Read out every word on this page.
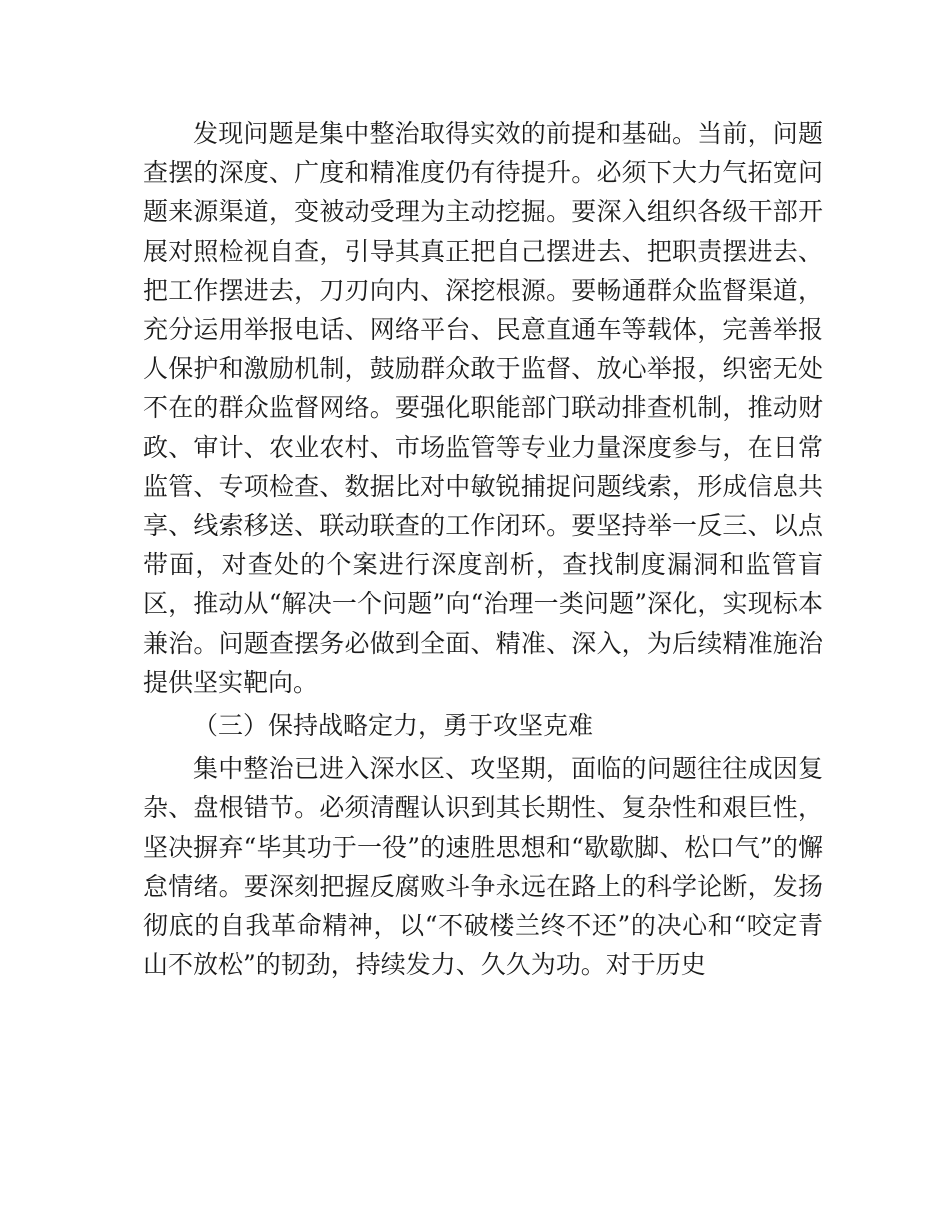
发现问题是集中整治取得实效的前提和基础。当前，问题查摆的深度、广度和精准度仍有待提升。必须下大力气拓宽问题来源渠道，变被动受理为主动挖掘。要深入组织各级干部开展对照检视自查，引导其真正把自己摆进去、把职责摆进去、把工作摆进去，刀刃向内、深挖根源。要畅通群众监督渠道，充分运用举报电话、网络平台、民意直通车等载体，完善举报人保护和激励机制，鼓励群众敢于监督、放心举报，织密无处不在的群众监督网络。要强化职能部门联动排查机制，推动财政、审计、农业农村、市场监管等专业力量深度参与，在日常监管、专项检查、数据比对中敏锐捕捉问题线索，形成信息共享、线索移送、联动联查的工作闭环。要坚持举一反三、以点带面，对查处的个案进行深度剖析，查找制度漏洞和监管盲区，推动从“解决一个问题”向“治理一类问题”深化，实现标本兼治。问题查摆务必做到全面、精准、深入，为后续精准施治提供坚实靶向。

（三）保持战略定力，勇于攻坚克难

集中整治已进入深水区、攻坚期，面临的问题往往成因复杂、盘根错节。必须清醒认识到其长期性、复杂性和艰巨性，坚决摒弃“毕其功于一役”的速胜思想和“歇歇脚、松口气”的懈怠情绪。要深刻把握反腐败斗争永远在路上的科学论断，发扬彻底的自我革命精神，以“不破楼兰终不还”的决心和“咬定青山不放松”的韧劲，持续发力、久久为功。对于历史
